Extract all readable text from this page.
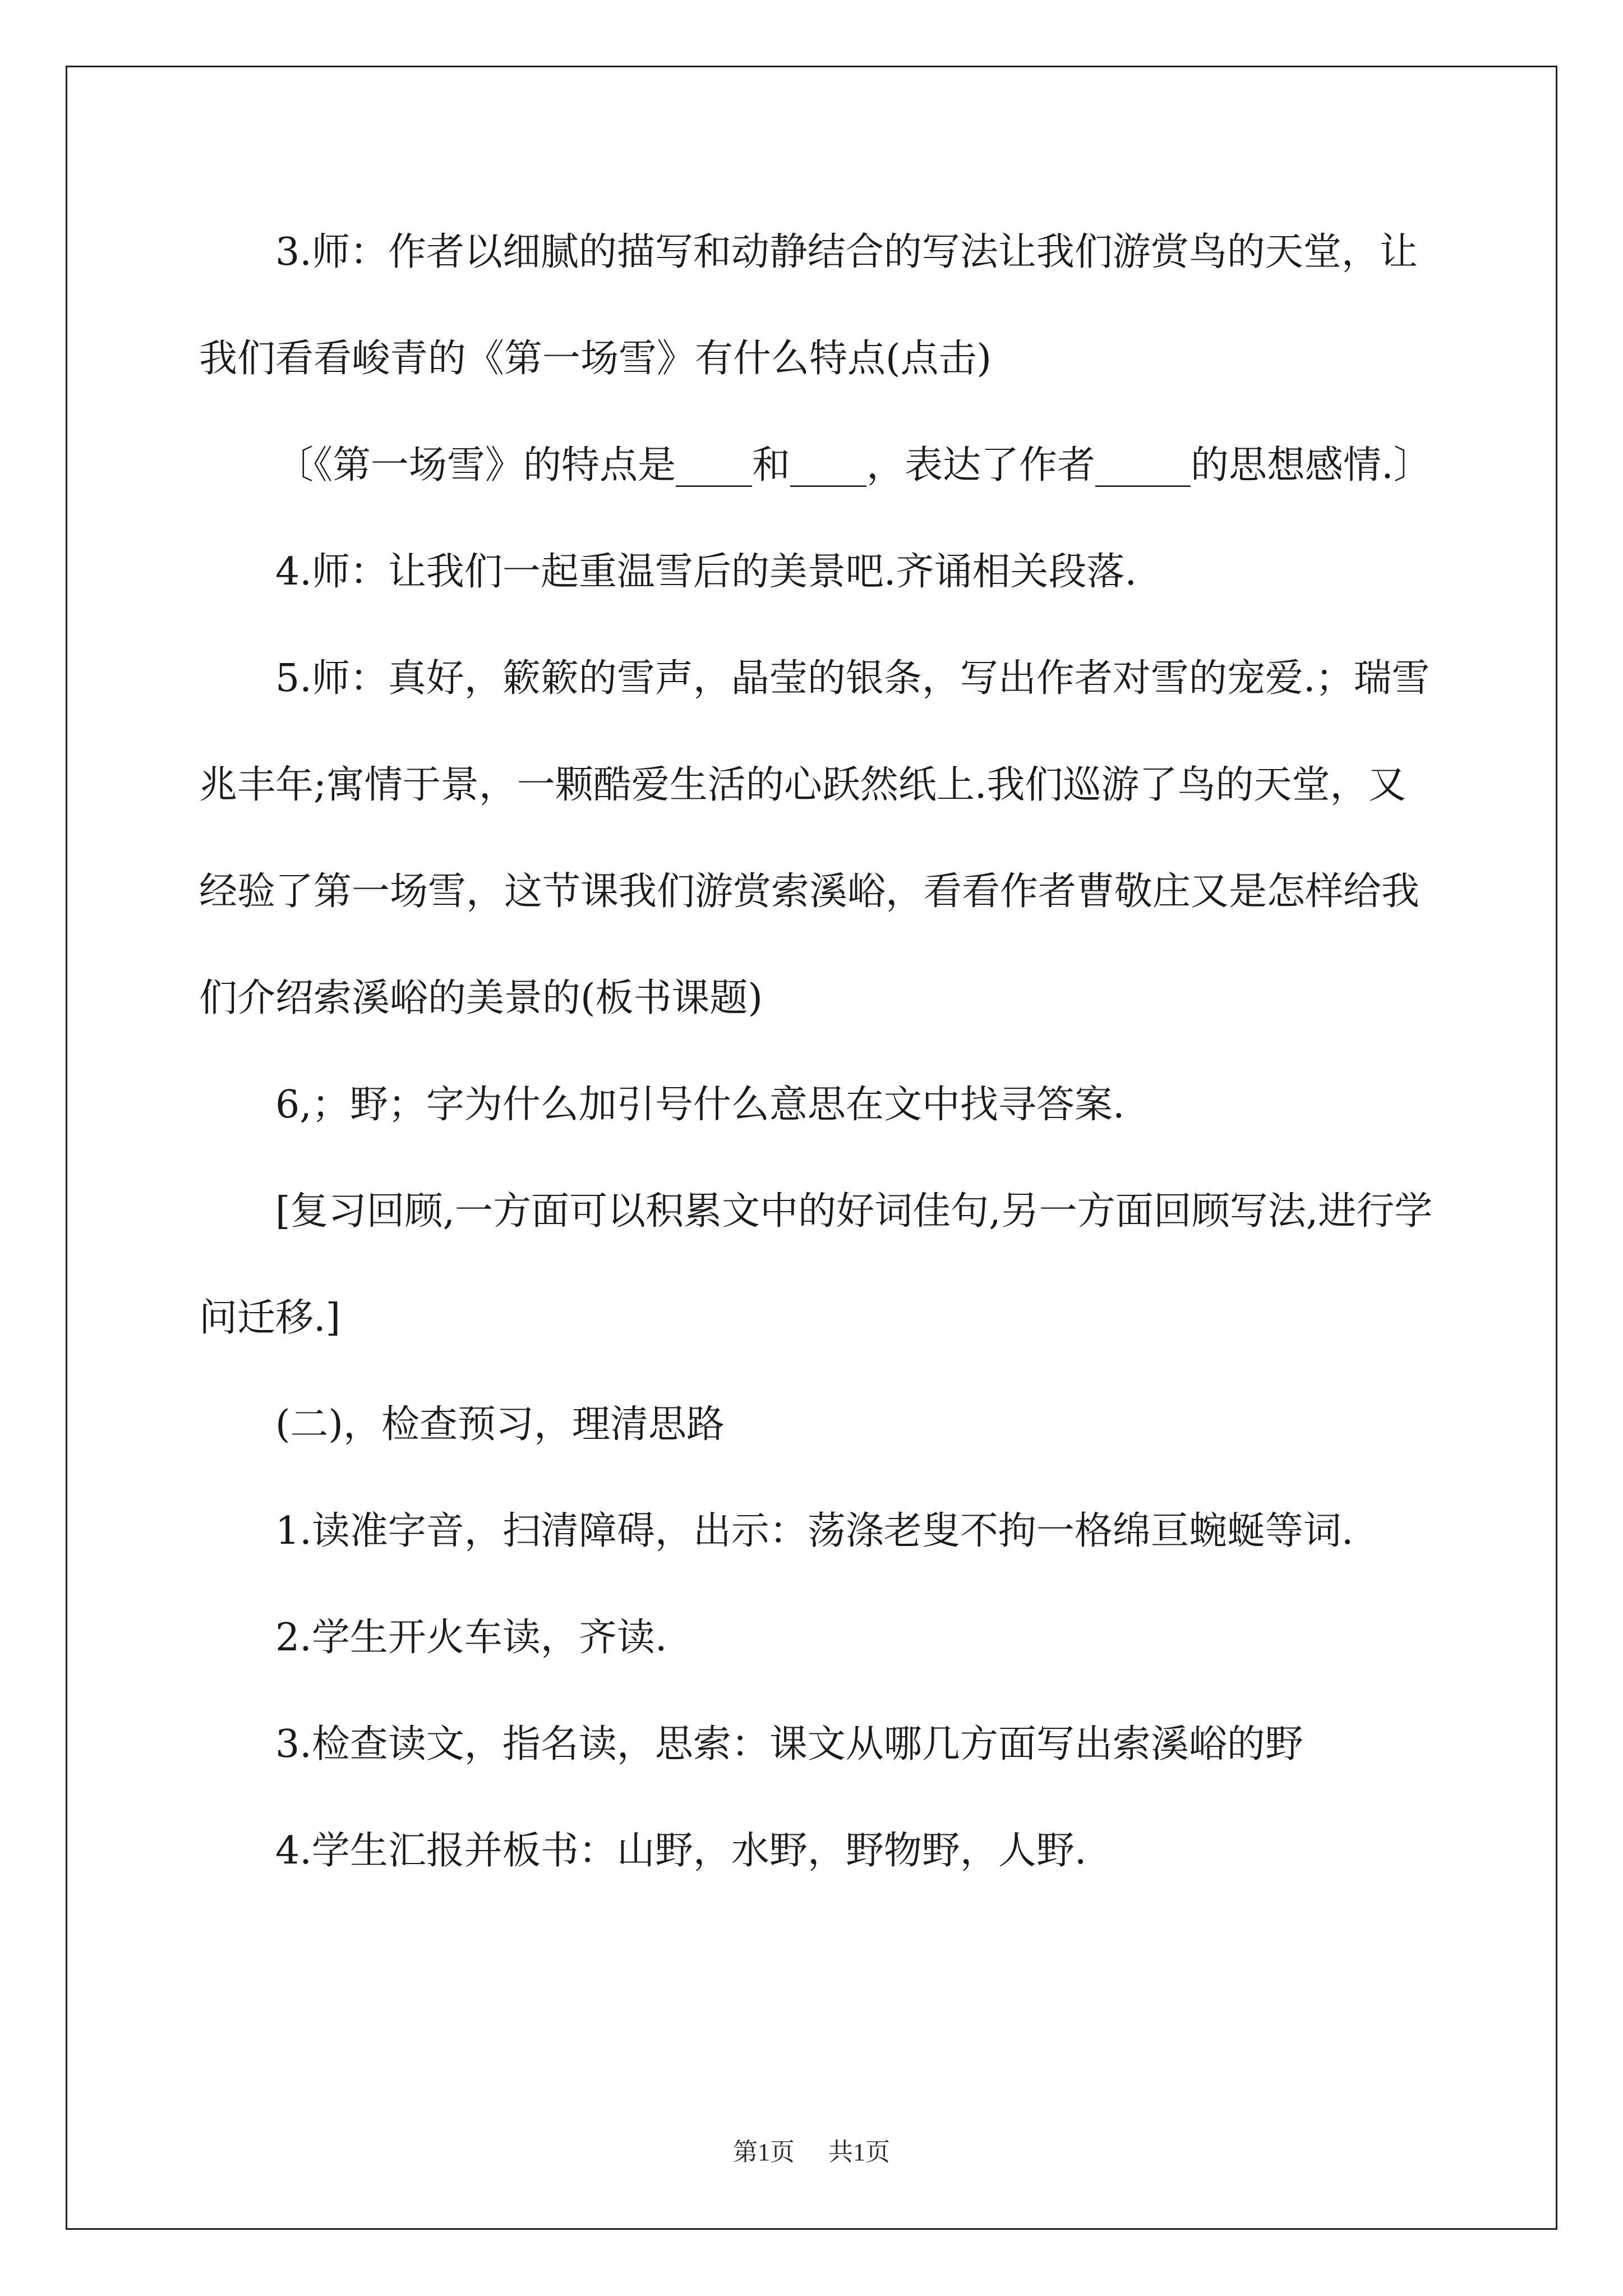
3.师：作者以细腻的描写和动静结合的写法让我们游赏鸟的天堂，让我们看看峻青的《第一场雪》有什么特点(点击)

〔《第一场雪》的特点是____和____，表达了作者_____的思想感情.〕

4.师：让我们一起重温雪后的美景吧.齐诵相关段落.

5.师：真好，簌簌的雪声，晶莹的银条，写出作者对雪的宠爱.；瑞雪兆丰年;寓情于景，一颗酷爱生活的心跃然纸上.我们巡游了鸟的天堂，又经验了第一场雪，这节课我们游赏索溪峪，看看作者曹敬庄又是怎样给我们介绍索溪峪的美景的(板书课题)

6,；野；字为什么加引号什么意思在文中找寻答案.

[复习回顾,一方面可以积累文中的好词佳句,另一方面回顾写法,进行学问迁移.]

(二)，检查预习，理清思路

1.读准字音，扫清障碍，出示：荡涤老叟不拘一格绵亘蜿蜒等词.

2.学生开火车读，齐读.

3.检查读文，指名读，思索：课文从哪几方面写出索溪峪的野

4.学生汇报并板书：山野，水野，野物野，人野.

第1页 共1页
